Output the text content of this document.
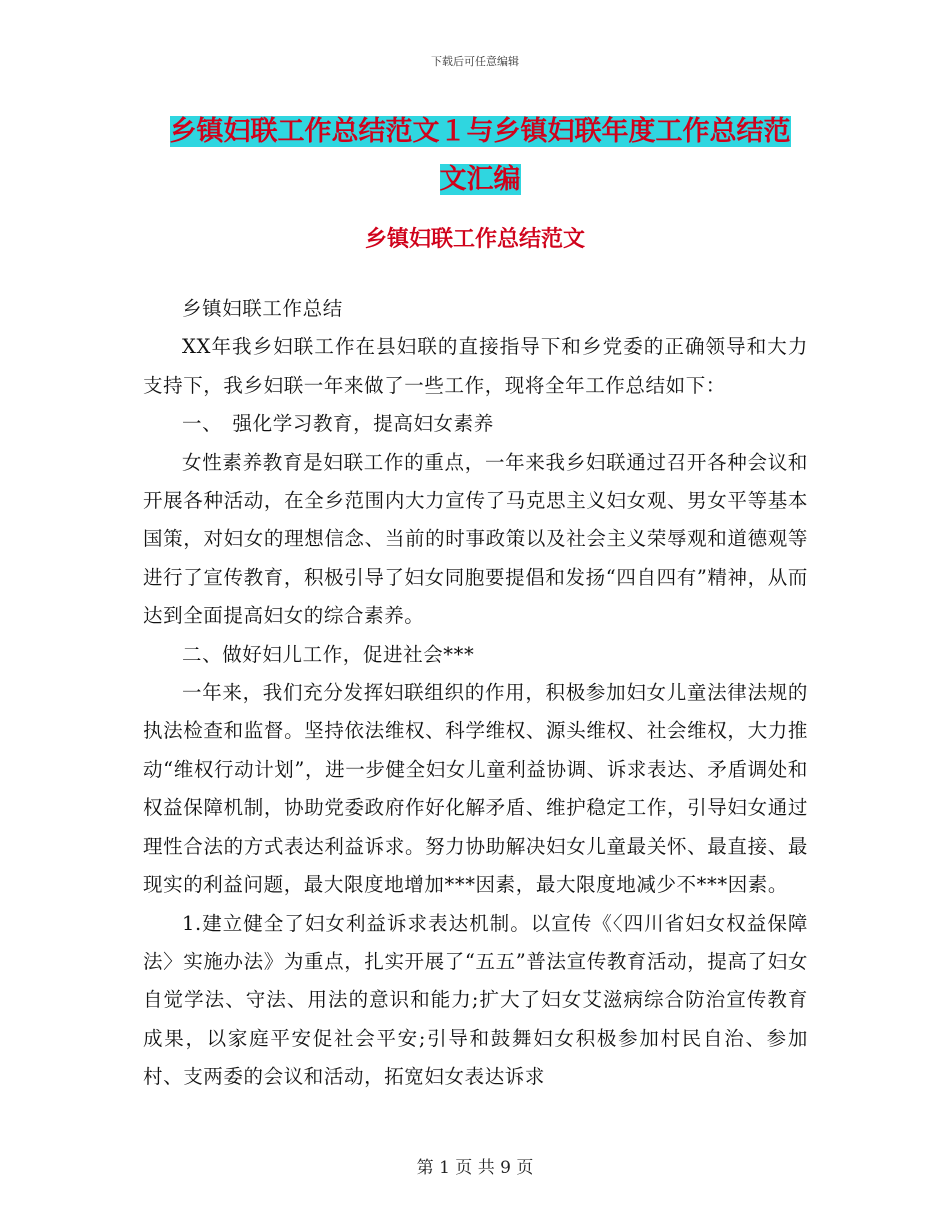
下载后可任意编辑
乡镇妇联工作总结范文１与乡镇妇联年度工作总结范
文汇编
乡镇妇联工作总结范文

乡镇妇联工作总结

XX年我乡妇联工作在县妇联的直接指导下和乡党委的正确领导和大力支持下，我乡妇联一年来做了一些工作，现将全年工作总结如下：

一、　强化学习教育，提高妇女素养

女性素养教育是妇联工作的重点，一年来我乡妇联通过召开各种会议和开展各种活动，在全乡范围内大力宣传了马克思主义妇女观、男女平等基本国策，对妇女的理想信念、当前的时事政策以及社会主义荣辱观和道德观等进行了宣传教育，积极引导了妇女同胞要提倡和发扬“四自四有”精神，从而达到全面提高妇女的综合素养。

二、做好妇儿工作，促进社会***

一年来，我们充分发挥妇联组织的作用，积极参加妇女儿童法律法规的执法检查和监督。坚持依法维权、科学维权、源头维权、社会维权，大力推动“维权行动计划”，进一步健全妇女儿童利益协调、诉求表达、矛盾调处和权益保障机制，协助党委政府作好化解矛盾、维护稳定工作，引导妇女通过理性合法的方式表达利益诉求。努力协助解决妇女儿童最关怀、最直接、最现实的利益问题，最大限度地增加***因素，最大限度地减少不***因素。

1.建立健全了妇女利益诉求表达机制。以宣传《〈四川省妇女权益保障法〉实施办法》为重点，扎实开展了“五五”普法宣传教育活动，提高了妇女自觉学法、守法、用法的意识和能力;扩大了妇女艾滋病综合防治宣传教育成果，以家庭平安促社会平安;引导和鼓舞妇女积极参加村民自治、参加村、支两委的会议和活动，拓宽妇女表达诉求

第 1 页 共 9 页
